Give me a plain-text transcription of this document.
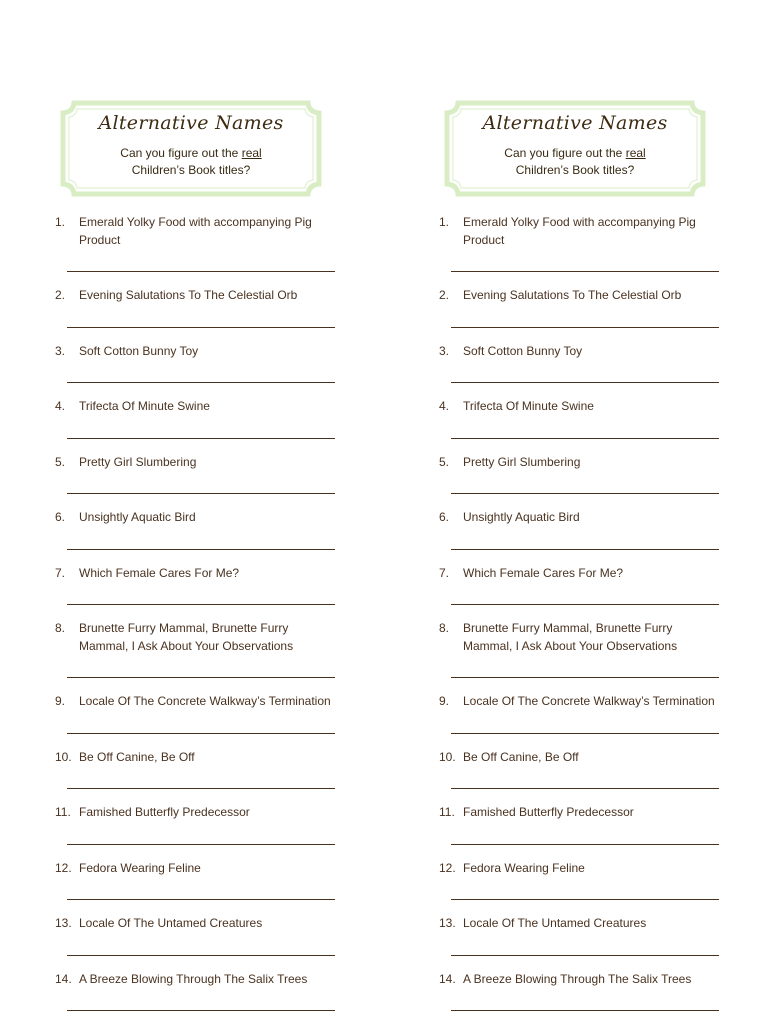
Alternative Names
Can you figure out the real
Children’s Book titles?
1.	Emerald Yolky Food with accompanying Pig Product
2.	Evening Salutations To The Celestial Orb
3.	Soft Cotton Bunny Toy
4.	Trifecta Of Minute Swine
5.	Pretty Girl Slumbering
6.	Unsightly Aquatic Bird
7.	Which Female Cares For Me?
8.	Brunette Furry Mammal, Brunette Furry Mammal, I Ask About Your Observations
9.	Locale Of The Concrete Walkway’s Termination
10. Be Off Canine, Be Off
11. Famished Butterfly Predecessor
12. Fedora Wearing Feline
13. Locale Of The Untamed Creatures
14. A Breeze Blowing Through The Salix Trees
Alternative Names
Can you figure out the real
Children’s Book titles?
1.	Emerald Yolky Food with accompanying Pig Product
2.	Evening Salutations To The Celestial Orb
3.	Soft Cotton Bunny Toy
4.	Trifecta Of Minute Swine
5.	Pretty Girl Slumbering
6.	Unsightly Aquatic Bird
7.	Which Female Cares For Me?
8.	Brunette Furry Mammal, Brunette Furry Mammal, I Ask About Your Observations
9.	Locale Of The Concrete Walkway’s Termination
10. Be Off Canine, Be Off
11. Famished Butterfly Predecessor
12. Fedora Wearing Feline
13. Locale Of The Untamed Creatures
14. A Breeze Blowing Through The Salix Trees
